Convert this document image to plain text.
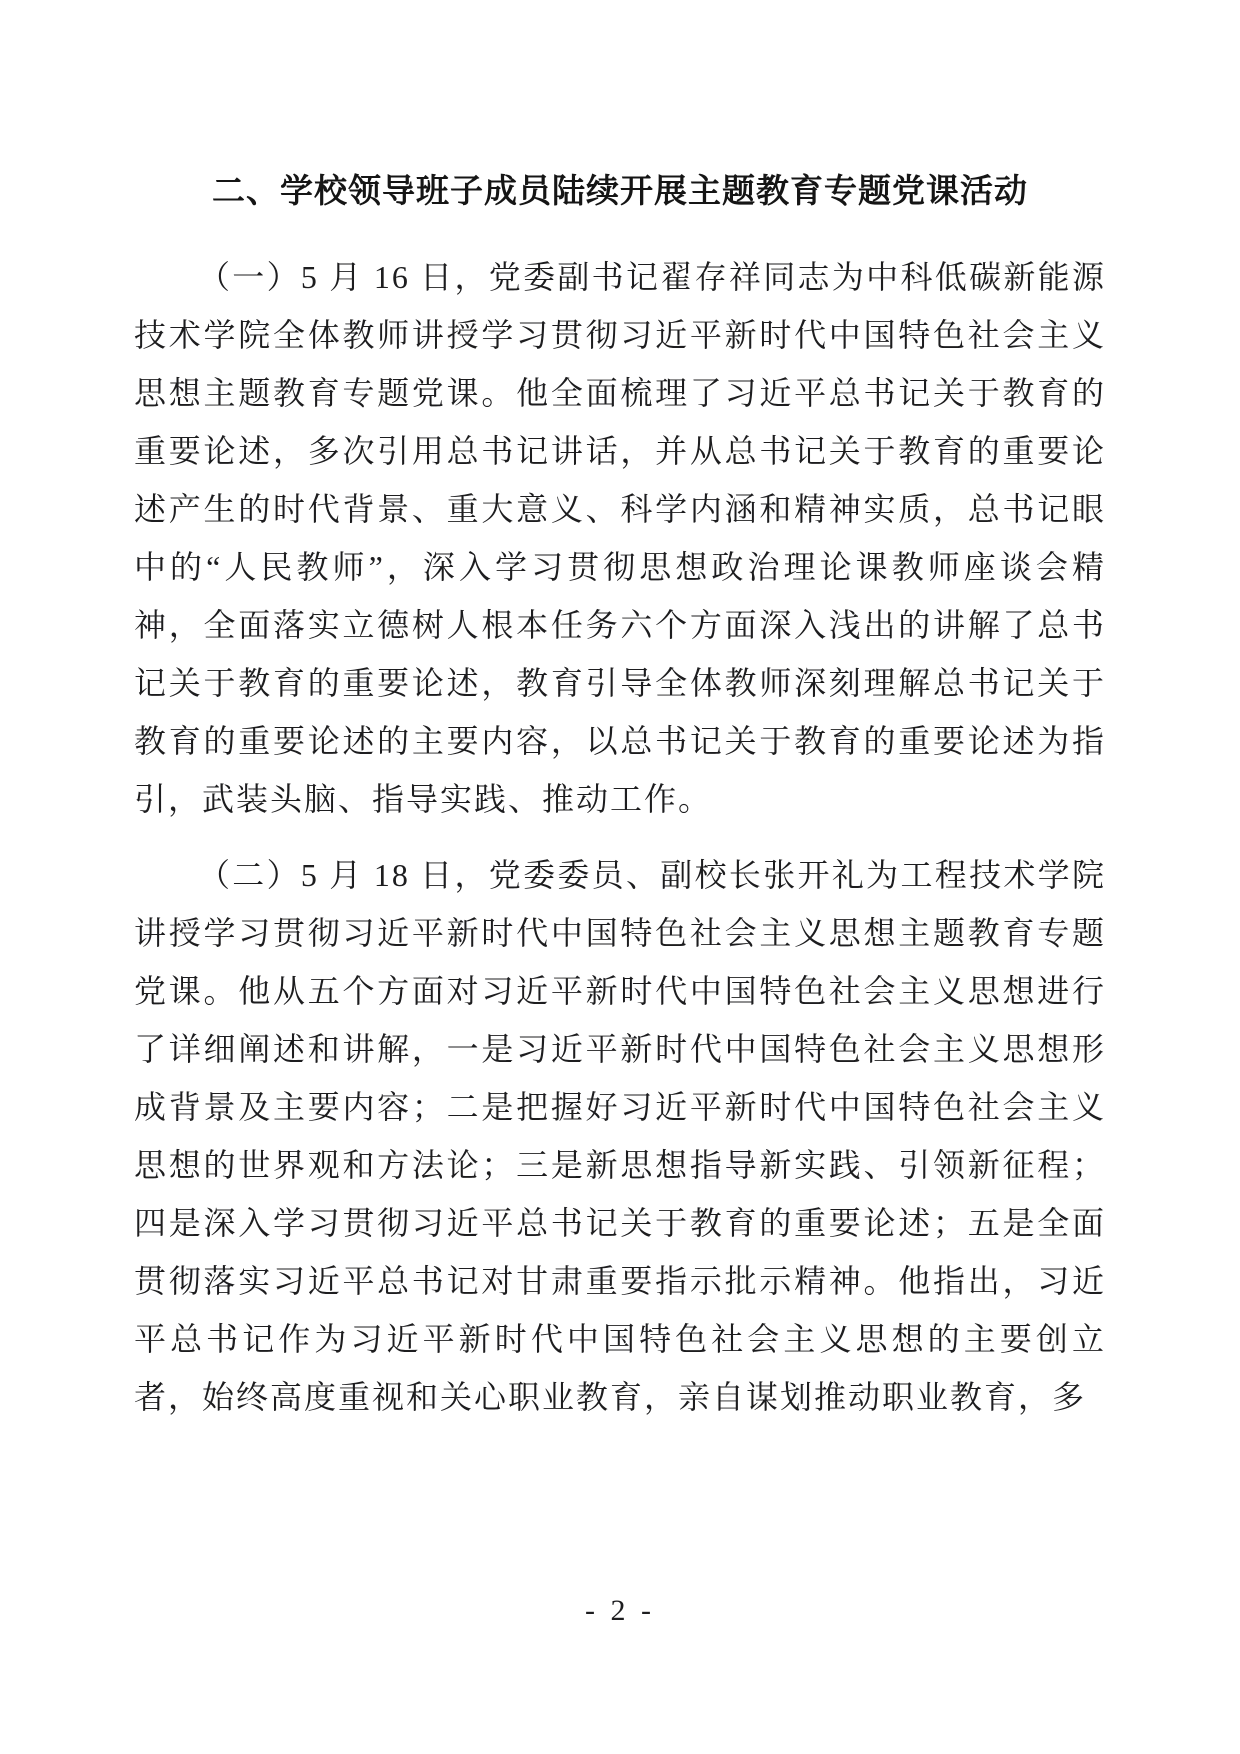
二、学校领导班子成员陆续开展主题教育专题党课活动

（一）5 月 16 日，党委副书记翟存祥同志为中科低碳新能源技术学院全体教师讲授学习贯彻习近平新时代中国特色社会主义思想主题教育专题党课。他全面梳理了习近平总书记关于教育的重要论述，多次引用总书记讲话，并从总书记关于教育的重要论述产生的时代背景、重大意义、科学内涵和精神实质，总书记眼中的“人民教师”，深入学习贯彻思想政治理论课教师座谈会精神，全面落实立德树人根本任务六个方面深入浅出的讲解了总书记关于教育的重要论述，教育引导全体教师深刻理解总书记关于教育的重要论述的主要内容，以总书记关于教育的重要论述为指引，武装头脑、指导实践、推动工作。

（二）5 月 18 日，党委委员、副校长张开礼为工程技术学院讲授学习贯彻习近平新时代中国特色社会主义思想主题教育专题党课。他从五个方面对习近平新时代中国特色社会主义思想进行了详细阐述和讲解，一是习近平新时代中国特色社会主义思想形成背景及主要内容；二是把握好习近平新时代中国特色社会主义思想的世界观和方法论；三是新思想指导新实践、引领新征程；四是深入学习贯彻习近平总书记关于教育的重要论述；五是全面贯彻落实习近平总书记对甘肃重要指示批示精神。他指出，习近平总书记作为习近平新时代中国特色社会主义思想的主要创立者，始终高度重视和关心职业教育，亲自谋划推动职业教育，多

- 2 -
